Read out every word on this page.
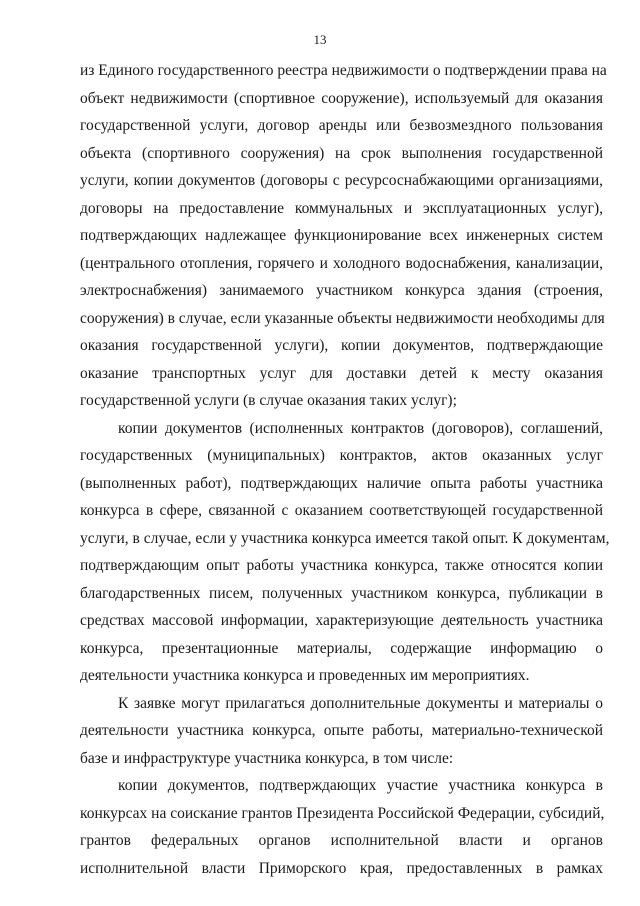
13
из Единого государственного реестра недвижимости о подтверждении права на
объект недвижимости (спортивное сооружение), используемый для оказания
государственной услуги, договор аренды или безвозмездного пользования
объекта (спортивного сооружения) на срок выполнения государственной
услуги, копии документов (договоры с ресурсоснабжающими организациями,
договоры на предоставление коммунальных и эксплуатационных услуг),
подтверждающих надлежащее функционирование всех инженерных систем
(центрального отопления, горячего и холодного водоснабжения, канализации,
электроснабжения) занимаемого участником конкурса здания (строения,
сооружения) в случае, если указанные объекты недвижимости необходимы для
оказания государственной услуги), копии документов, подтверждающие
оказание транспортных услуг для доставки детей к месту оказания
государственной услуги (в случае оказания таких услуг);
копии документов (исполненных контрактов (договоров), соглашений,
государственных (муниципальных) контрактов, актов оказанных услуг
(выполненных работ), подтверждающих наличие опыта работы участника
конкурса в сфере, связанной с оказанием соответствующей государственной
услуги, в случае, если у участника конкурса имеется такой опыт. К документам,
подтверждающим опыт работы участника конкурса, также относятся копии
благодарственных писем, полученных участником конкурса, публикации в
средствах массовой информации, характеризующие деятельность участника
конкурса, презентационные материалы, содержащие информацию о
деятельности участника конкурса и проведенных им мероприятиях.
К заявке могут прилагаться дополнительные документы и материалы о
деятельности участника конкурса, опыте работы, материально-технической
базе и инфраструктуре участника конкурса, в том числе:
копии документов, подтверждающих участие участника конкурса в
конкурсах на соискание грантов Президента Российской Федерации, субсидий,
грантов федеральных органов исполнительной власти и органов
исполнительной власти Приморского края, предоставленных в рамках
